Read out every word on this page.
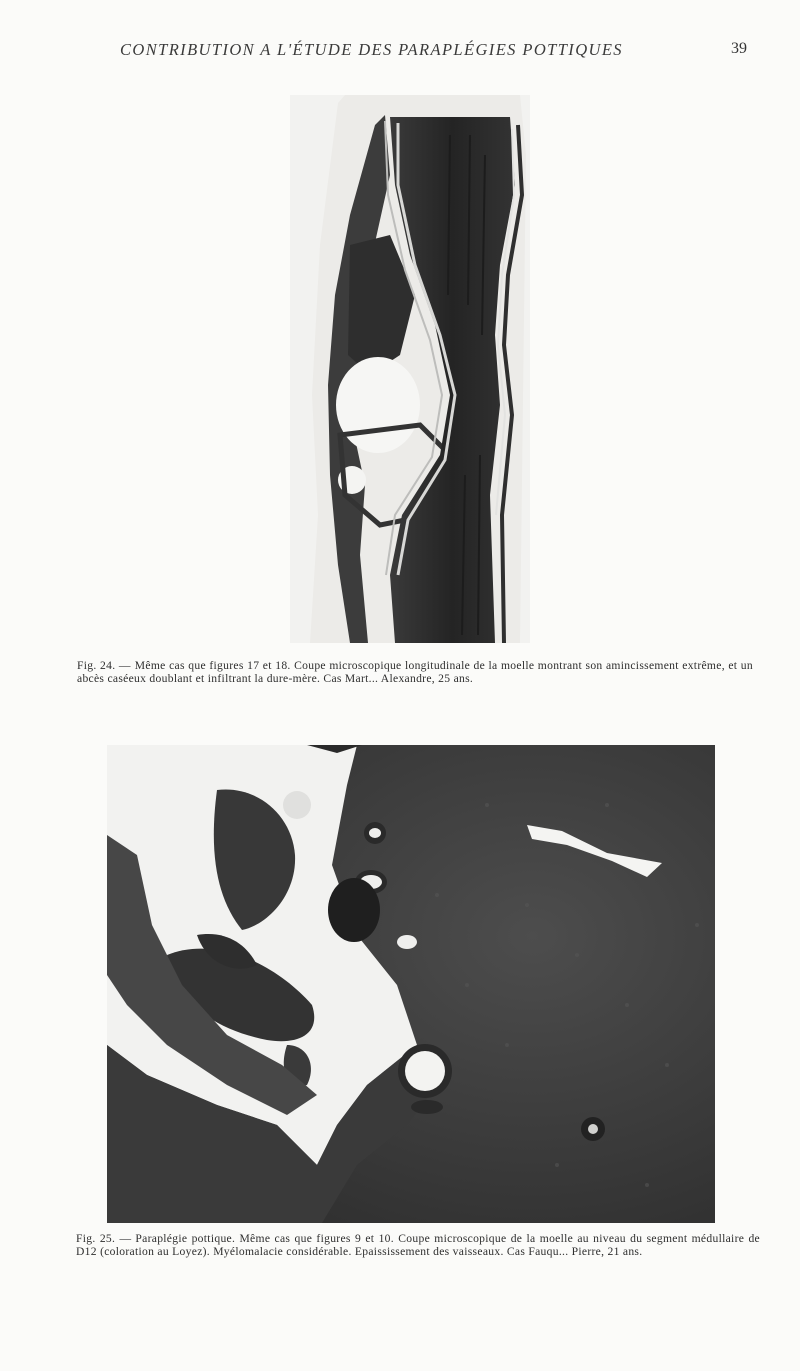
CONTRIBUTION A L'ÉTUDE DES PARAPLÉGIES POTTIQUES	39

Fig. 24. — Même cas que figures 17 et 18. Coupe microscopique longitudinale de la moelle montrant son amincissement extrême, et un abcès caséeux doublant et infiltrant la dure-mère. Cas Mart... Alexandre, 25 ans.

Fig. 25. — Paraplégie pottique. Même cas que figures 9 et 10. Coupe microscopique de la moelle au niveau du segment médullaire de D12 (coloration au Loyez). Myélomalacie considérable. Epaississement des vaisseaux. Cas Fauqu... Pierre, 21 ans.
